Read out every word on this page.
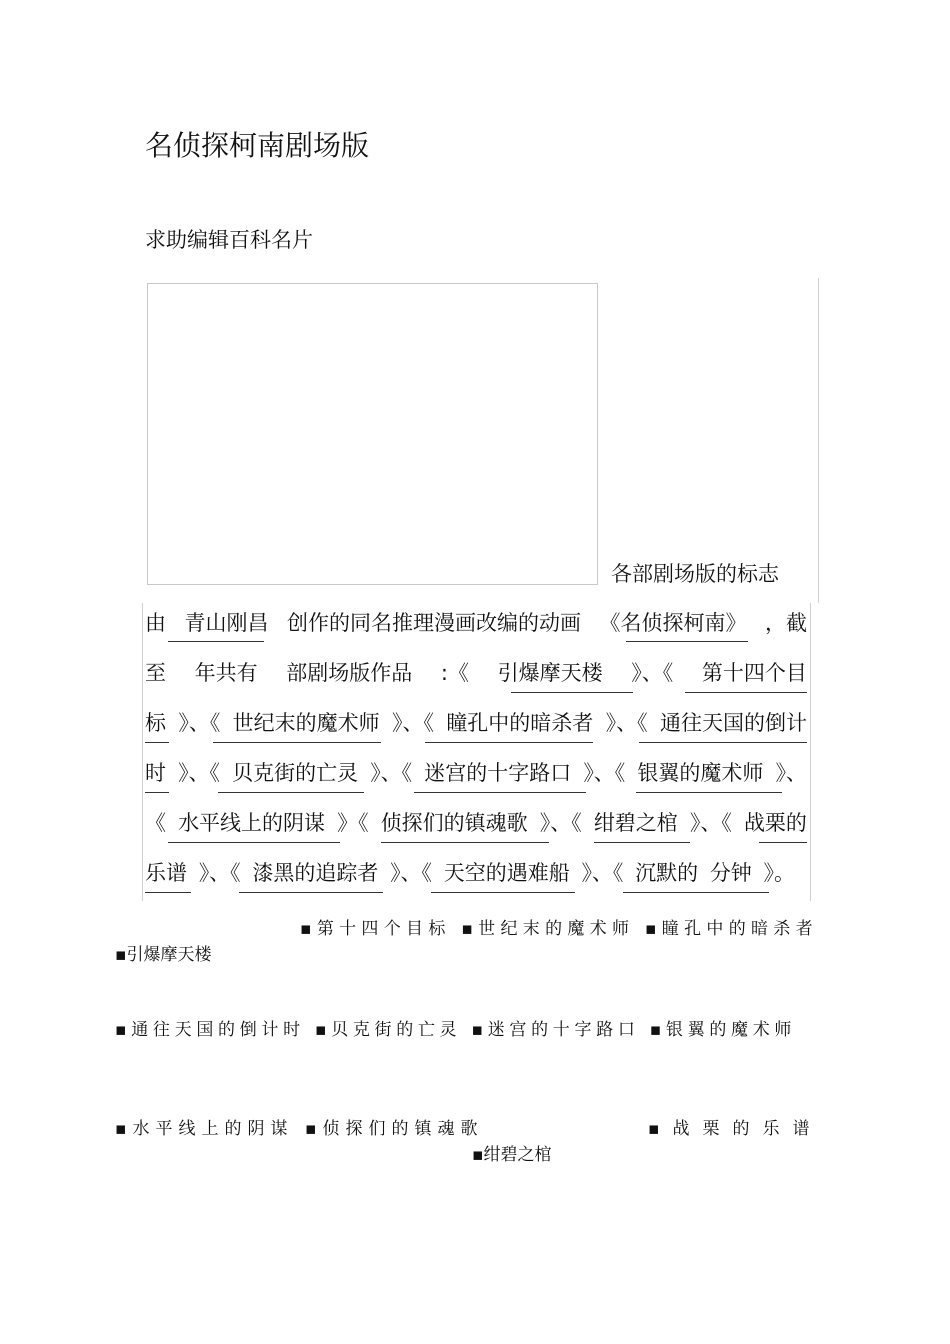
名侦探柯南剧场版
求助编辑百科名片
各部剧场版的标志
由 青山刚昌 创作的同名推理漫画改编的动画 《名侦探柯南》 ，截
至 年共有 部剧场版作品 :《 引爆摩天楼 》、《 第十四个目
标 》、《 世纪末的魔术师 》、《 瞳孔中的暗杀者 》、《 通往天国的倒计
时 》、《 贝克街的亡灵 》、《 迷宫的十字路口 》、《 银翼的魔术师 》、
《 水平线上的阴谋 》《 侦探们的镇魂歌 》、《 绀碧之棺 》、《 战栗的
乐谱 》、《 漆黑的追踪者 》、《 天空的遇难船 》、《 沉默的 分钟 》。
▪第十四个目标 ▪世纪末的魔术师 ▪瞳孔中的暗杀者
▪引爆摩天楼
▪通往天国的倒计时 ▪贝克街的亡灵 ▪迷宫的十字路口 ▪银翼的魔术师
▪水平线上的阴谋 ▪侦探们的镇魂歌	▪战栗的乐谱
▪绀碧之棺
